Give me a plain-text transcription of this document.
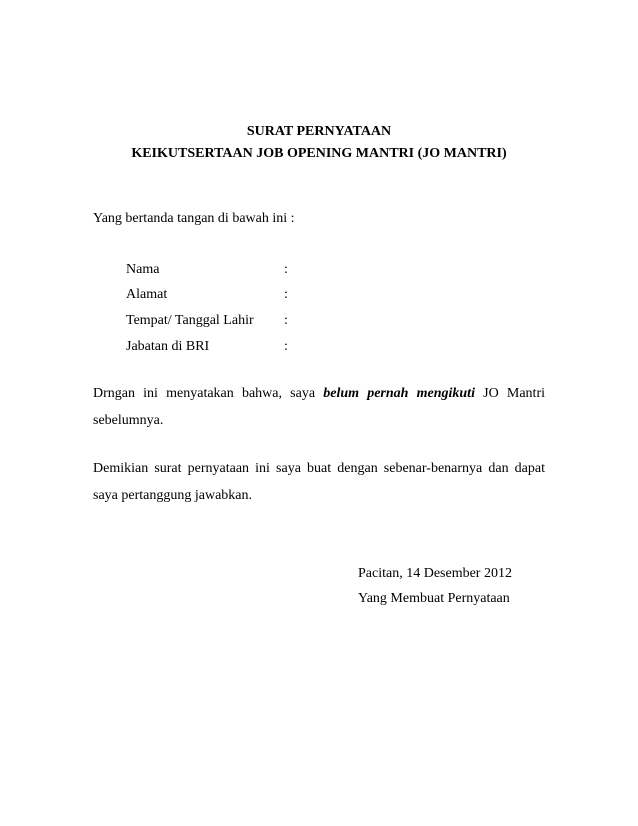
SURAT PERNYATAAN
KEIKUTSERTAAN JOB OPENING MANTRI (JO MANTRI)
Yang bertanda tangan di bawah ini :
Nama	:
Alamat	:
Tempat/ Tanggal Lahir :
Jabatan di BRI	:
Drngan ini menyatakan bahwa, saya belum pernah mengikuti JO Mantri
sebelumnya.
Demikian surat pernyataan ini saya buat dengan sebenar-benarnya dan dapat
saya pertanggung jawabkan.
Pacitan, 14 Desember 2012
Yang Membuat Pernyataan
